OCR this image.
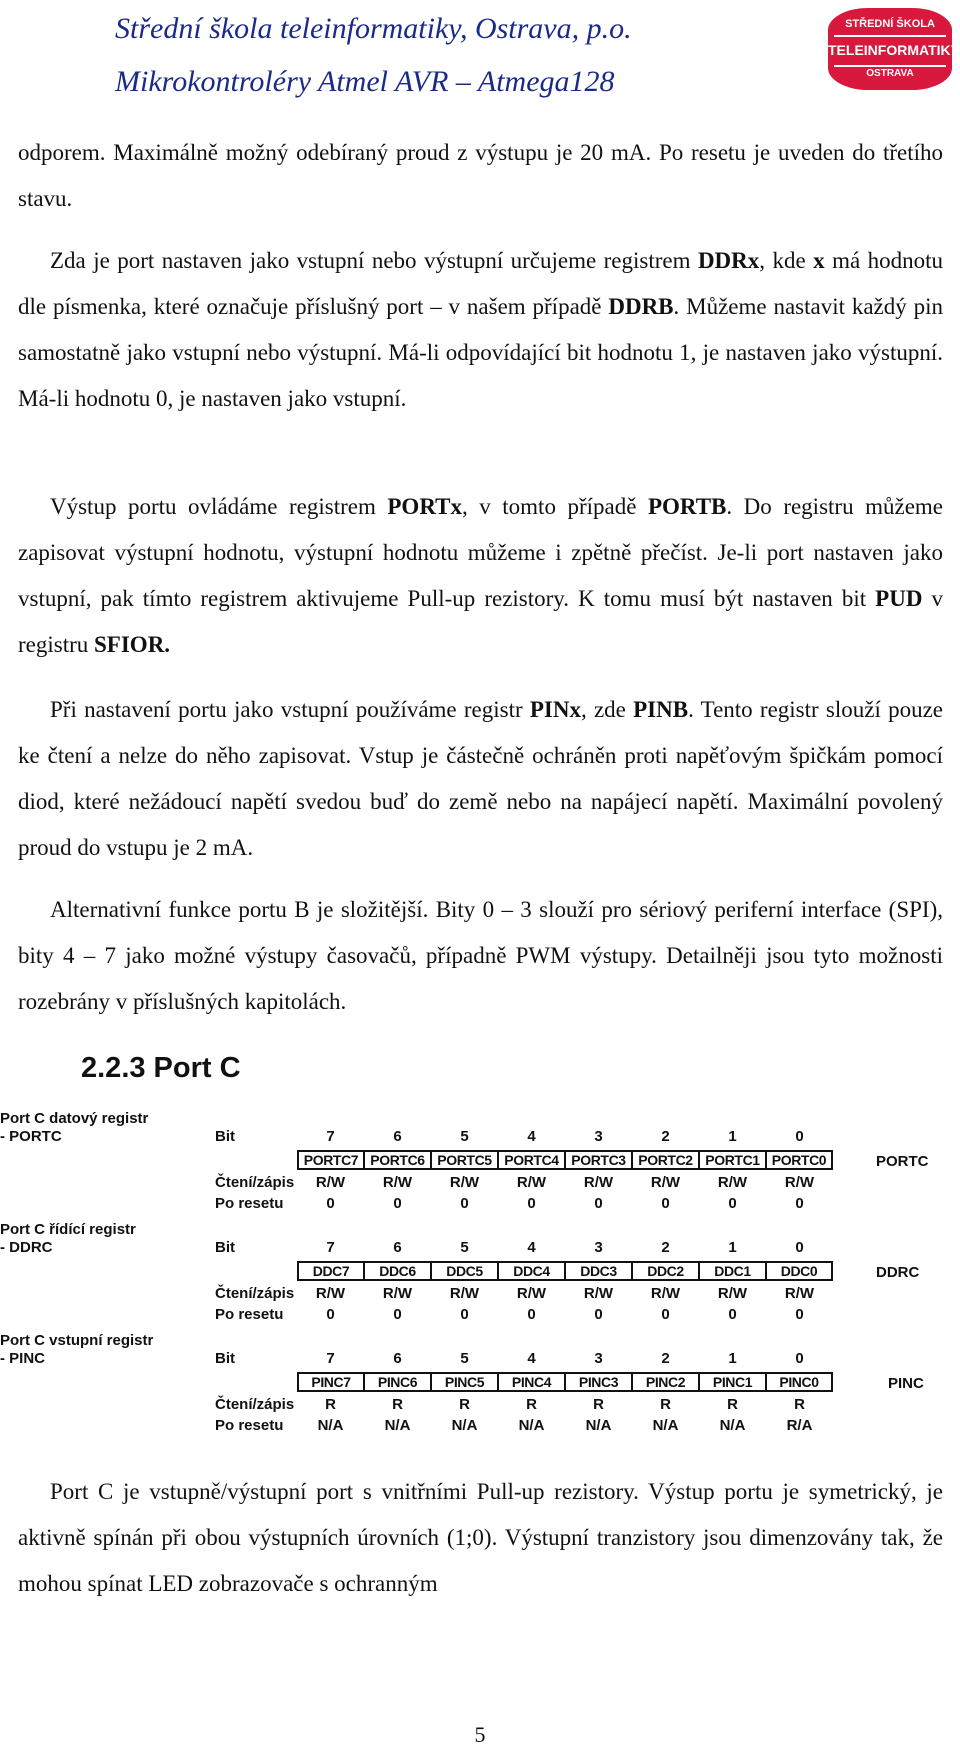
Střední škola teleinformatiky, Ostrava, p.o.
Mikrokontroléry Atmel AVR – Atmega128
STŘEDNÍ ŠKOLA
TELEINFORMATIKY
OSTRAVA
odporem. Maximálně možný odebíraný proud z výstupu je 20 mA. Po resetu je uveden do třetího stavu.
Zda je port nastaven jako vstupní nebo výstupní určujeme registrem DDRx, kde x má hodnotu dle písmenka, které označuje příslušný port – v našem případě DDRB. Můžeme nastavit každý pin samostatně jako vstupní nebo výstupní. Má-li odpovídající bit hodnotu 1, je nastaven jako výstupní. Má-li hodnotu 0, je nastaven jako vstupní.
Výstup portu ovládáme registrem PORTx, v tomto případě PORTB. Do registru můžeme zapisovat výstupní hodnotu, výstupní hodnotu můžeme i zpětně přečíst. Je-li port nastaven jako vstupní, pak tímto registrem aktivujeme Pull-up rezistory. K tomu musí být nastaven bit PUD v registru SFIOR.
Při nastavení portu jako vstupní používáme registr PINx, zde PINB. Tento registr slouží pouze ke čtení a nelze do něho zapisovat. Vstup je částečně ochráněn proti napěťovým špičkám pomocí diod, které nežádoucí napětí svedou buď do země nebo na napájecí napětí. Maximální povolený proud do vstupu je 2 mA.
Alternativní funkce portu B je složitější. Bity 0 – 3 slouží pro sériový periferní interface (SPI), bity 4 – 7 jako možné výstupy časovačů, případně PWM výstupy. Detailněji jsou tyto možnosti rozebrány v příslušných kapitolách.
2.2.3 Port C
Port C datový registr
- PORTC	Bit	7	6	5	4	3	2	1	0
PORTC7 PORTC6 PORTC5 PORTC4 PORTC3 PORTC2 PORTC1 PORTC0	PORTC
Čtení/zápis	R/W	R/W	R/W	R/W	R/W	R/W	R/W	R/W
Po resetu	0	0	0	0	0	0	0	0
Port C řídící registr
- DDRC	Bit	7	6	5	4	3	2	1	0
DDC7	DDC6	DDC5	DDC4	DDC3	DDC2	DDC1	DDC0	DDRC
Čtení/zápis	R/W	R/W	R/W	R/W	R/W	R/W	R/W	R/W
Po resetu	0	0	0	0	0	0	0	0
Port C vstupní registr
- PINC	Bit	7	6	5	4	3	2	1	0
PINC7	PINC6	PINC5	PINC4	PINC3	PINC2	PINC1	PINC0	PINC
Čtení/zápis	R	R	R	R	R	R	R	R
Po resetu	N/A	N/A	N/A	N/A	N/A	N/A	N/A	R/A
Port C je vstupně/výstupní port s vnitřními Pull-up rezistory. Výstup portu je symetrický, je aktivně spínán při obou výstupních úrovních (1;0). Výstupní tranzistory jsou dimenzovány tak, že mohou spínat LED zobrazovače s ochranným
5
